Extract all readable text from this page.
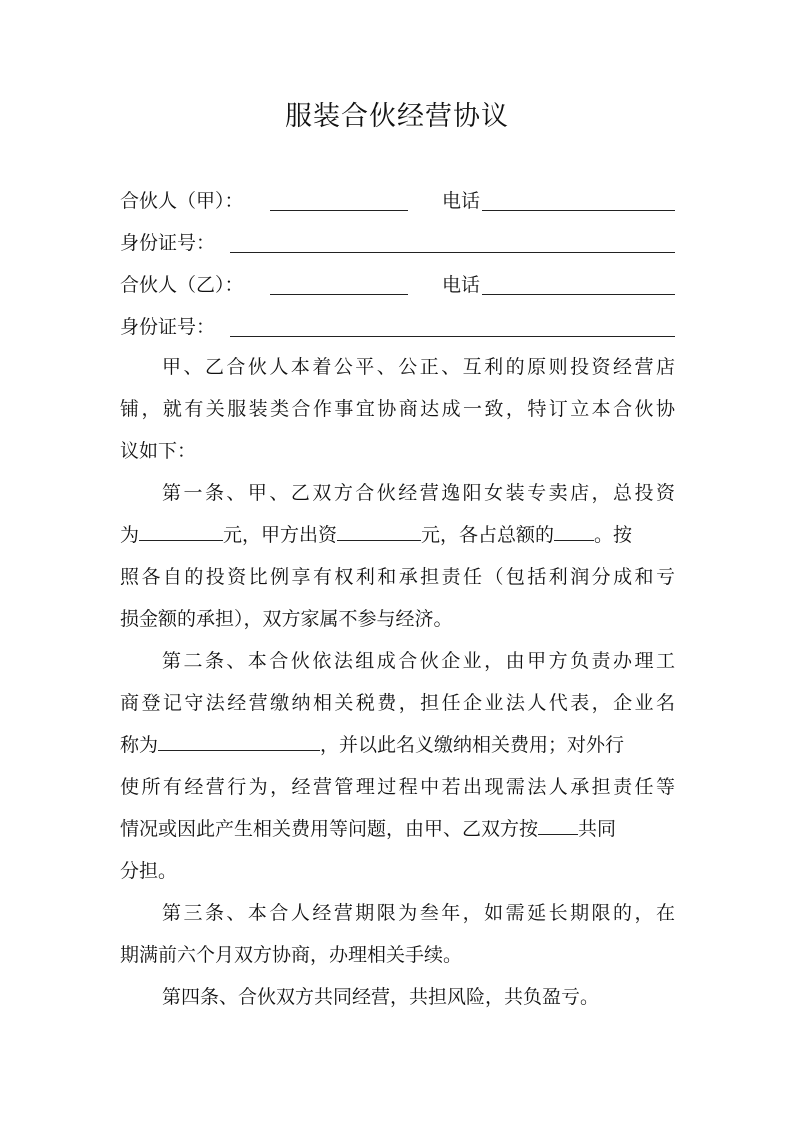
服装合伙经营协议
合伙人（甲）：	电话
身份证号：
合伙人（乙）：	电话
身份证号：
甲、乙合伙人本着公平、公正、互利的原则投资经营店
铺，就有关服装类合作事宜协商达成一致，特订立本合伙协
议如下：
第一条、甲、乙双方合伙经营逸阳女装专卖店，总投资
为	元，甲方出资	元，各占总额的 。按
照各自的投资比例享有权利和承担责任（包括利润分成和亏
损金额的承担），双方家属不参与经济。
第二条、本合伙依法组成合伙企业，由甲方负责办理工
商登记守法经营缴纳相关税费，担任企业法人代表，企业名
称为	，并以此名义缴纳相关费用；对外行
使所有经营行为，经营管理过程中若出现需法人承担责任等
情况或因此产生相关费用等问题，由甲、乙双方按 共同
分担。
第三条、本合人经营期限为叁年，如需延长期限的，在
期满前六个月双方协商，办理相关手续。
第四条、合伙双方共同经营，共担风险，共负盈亏。
